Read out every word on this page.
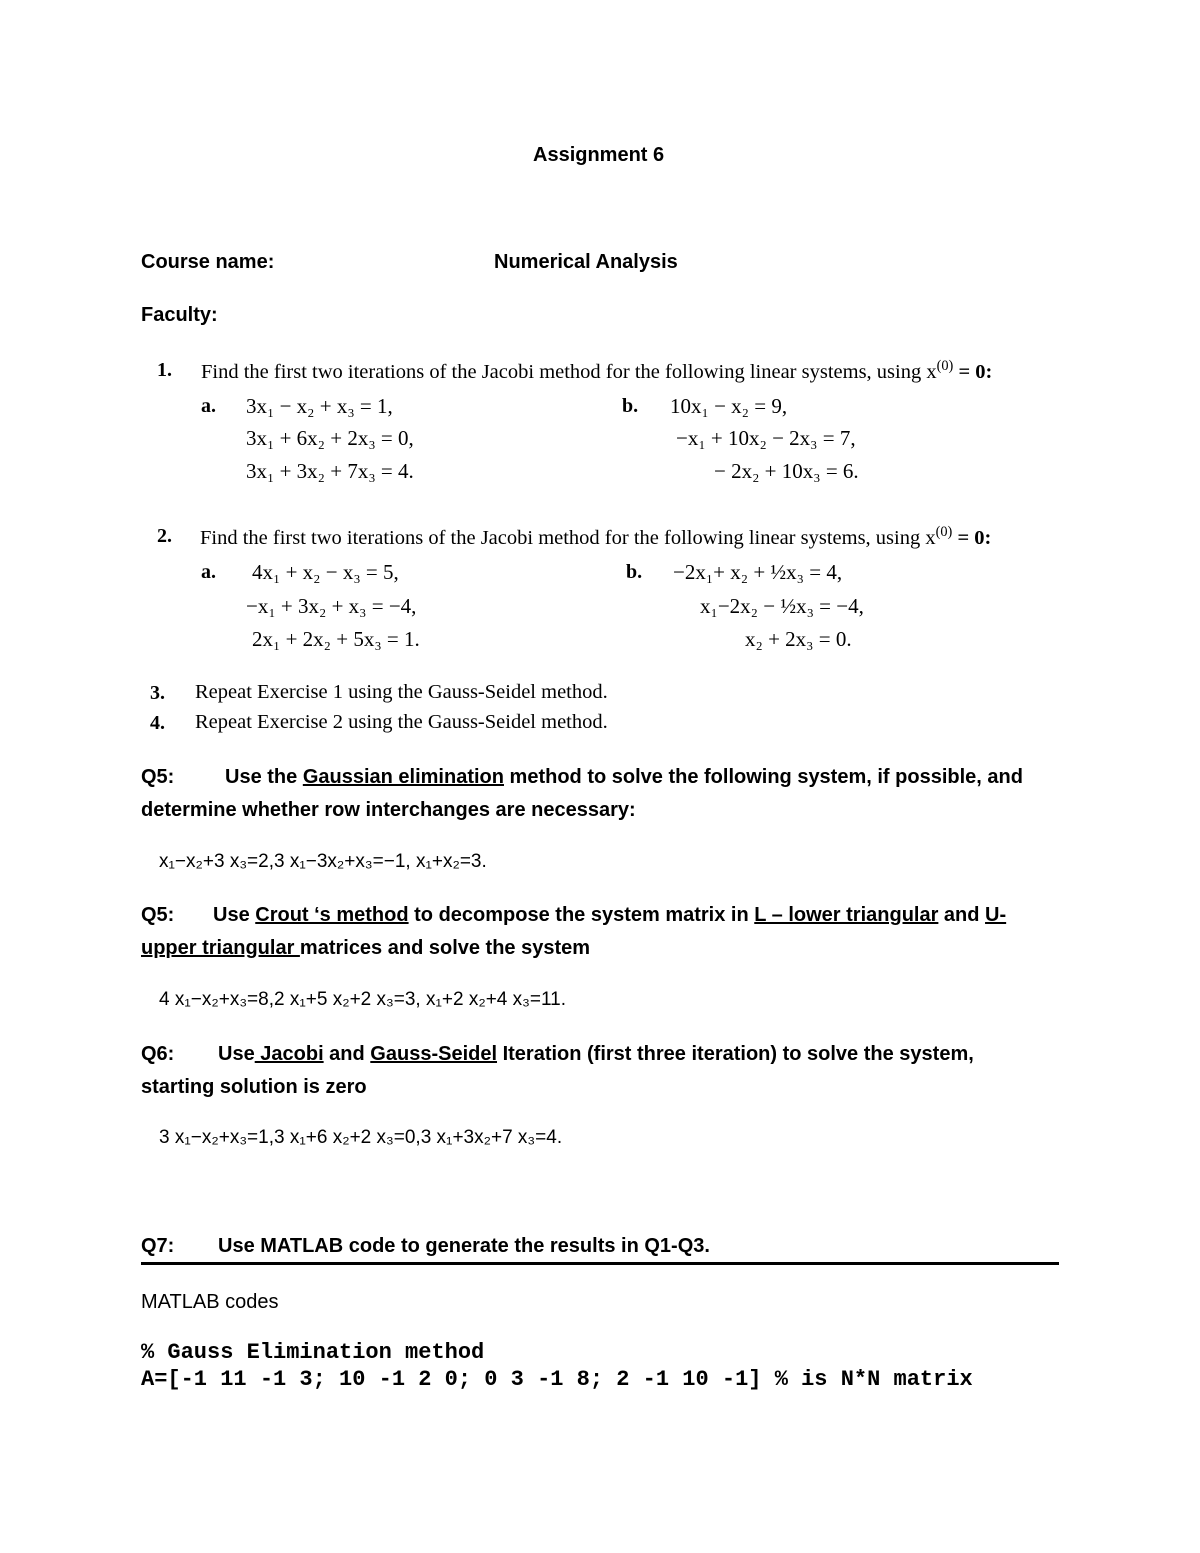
Assignment 6
Course name:	Numerical Analysis
Faculty:
1. Find the first two iterations of the Jacobi method for the following linear systems, using $x^{(0)} = 0$:
a. 3x₁ − x₂ + x₃ = 1,
3x₁ + 6x₂ + 2x₃ = 0,
3x₁ + 3x₂ + 7x₃ = 4.
b. 10x₁ − x₂ = 9,
−x₁ + 10x₂ − 2x₃ = 7,
− 2x₂ + 10x₃ = 6.
2. Find the first two iterations of the Jacobi method for the following linear systems, using $x^{(0)} = 0$:
a. 4x₁ + x₂ − x₃ = 5,
−x₁ + 3x₂ + x₃ = −4,
2x₁ + 2x₂ + 5x₃ = 1.
b. −2x₁+ x₂ + ½x₃ = 4,
x₁−2x₂ − ½x₃ = −4,
x₂ + 2x₃ = 0.
3. Repeat Exercise 1 using the Gauss-Seidel method.
4. Repeat Exercise 2 using the Gauss-Seidel method.
Q5:	Use the Gaussian elimination method to solve the following system, if possible, and
determine whether row interchanges are necessary:
x₁−x₂+3 x₃=2,3 x₁−3x₂+x₃=−1, x₁+x₂=3.
Q5: Use Crout ‘s method to decompose the system matrix in L – lower triangular and U-
upper triangular matrices and solve the system
4 x₁−x₂+x₃=8,2 x₁+5 x₂+2 x₃=3, x₁+2 x₂+4 x₃=11.
Q6: Use Jacobi and Gauss-Seidel Iteration (first three iteration) to solve the system,
starting solution is zero
3 x₁−x₂+x₃=1,3 x₁+6 x₂+2 x₃=0,3 x₁+3x₂+7 x₃=4.
Q7: Use MATLAB code to generate the results in Q1-Q3.
MATLAB codes
% Gauss Elimination method
A=[-1 11 -1 3; 10 -1 2 0; 0 3 -1 8; 2 -1 10 -1] % is N*N matrix
